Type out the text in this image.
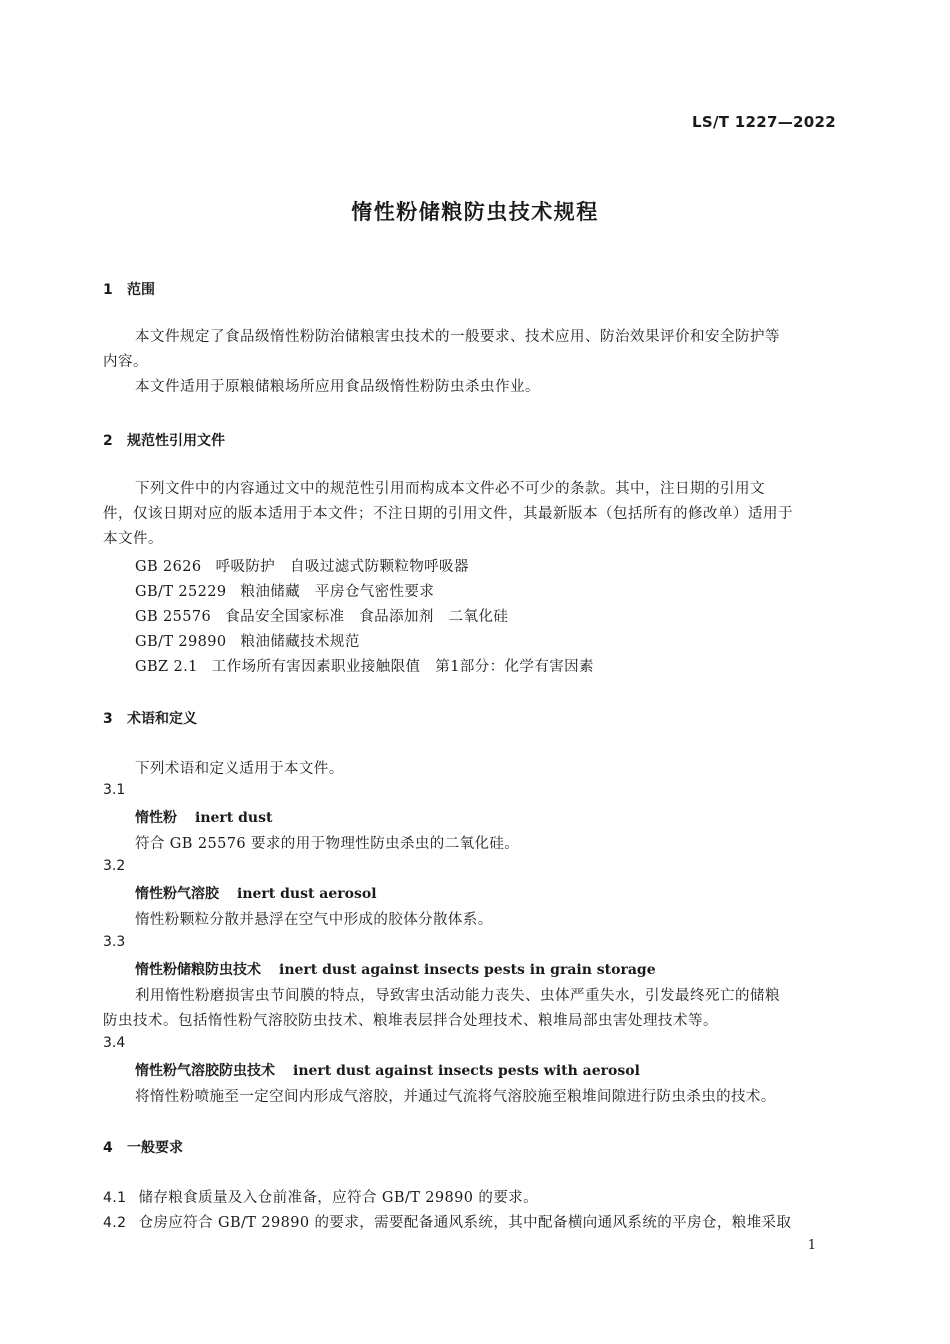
LS/T 1227—2022
惰性粉储粮防虫技术规程
1 范围
本文件规定了食品级惰性粉防治储粮害虫技术的一般要求、技术应用、防治效果评价和安全防护等
内容。
本文件适用于原粮储粮场所应用食品级惰性粉防虫杀虫作业。
2 规范性引用文件
下列文件中的内容通过文中的规范性引用而构成本文件必不可少的条款。其中，注日期的引用文
件，仅该日期对应的版本适用于本文件；不注日期的引用文件，其最新版本（包括所有的修改单）适用于
本文件。
GB 2626 呼吸防护　自吸过滤式防颗粒物呼吸器
GB/T 25229 粮油储藏　平房仓气密性要求
GB 25576 食品安全国家标准　食品添加剂　二氧化硅
GB/T 29890 粮油储藏技术规范
GBZ 2.1 工作场所有害因素职业接触限值　第1部分：化学有害因素
3 术语和定义
下列术语和定义适用于本文件。
3.1
惰性粉 inert dust
符合 GB 25576 要求的用于物理性防虫杀虫的二氧化硅。
3.2
惰性粉气溶胶 inert dust aerosol
惰性粉颗粒分散并悬浮在空气中形成的胶体分散体系。
3.3
惰性粉储粮防虫技术 inert dust against insects pests in grain storage
利用惰性粉磨损害虫节间膜的特点，导致害虫活动能力丧失、虫体严重失水，引发最终死亡的储粮
防虫技术。包括惰性粉气溶胶防虫技术、粮堆表层拌合处理技术、粮堆局部虫害处理技术等。
3.4
惰性粉气溶胶防虫技术 inert dust against insects pests with aerosol
将惰性粉喷施至一定空间内形成气溶胶，并通过气流将气溶胶施至粮堆间隙进行防虫杀虫的技术。
4 一般要求
4.1 储存粮食质量及入仓前准备，应符合 GB/T 29890 的要求。
4.2 仓房应符合 GB/T 29890 的要求，需要配备通风系统，其中配备横向通风系统的平房仓，粮堆采取
1
